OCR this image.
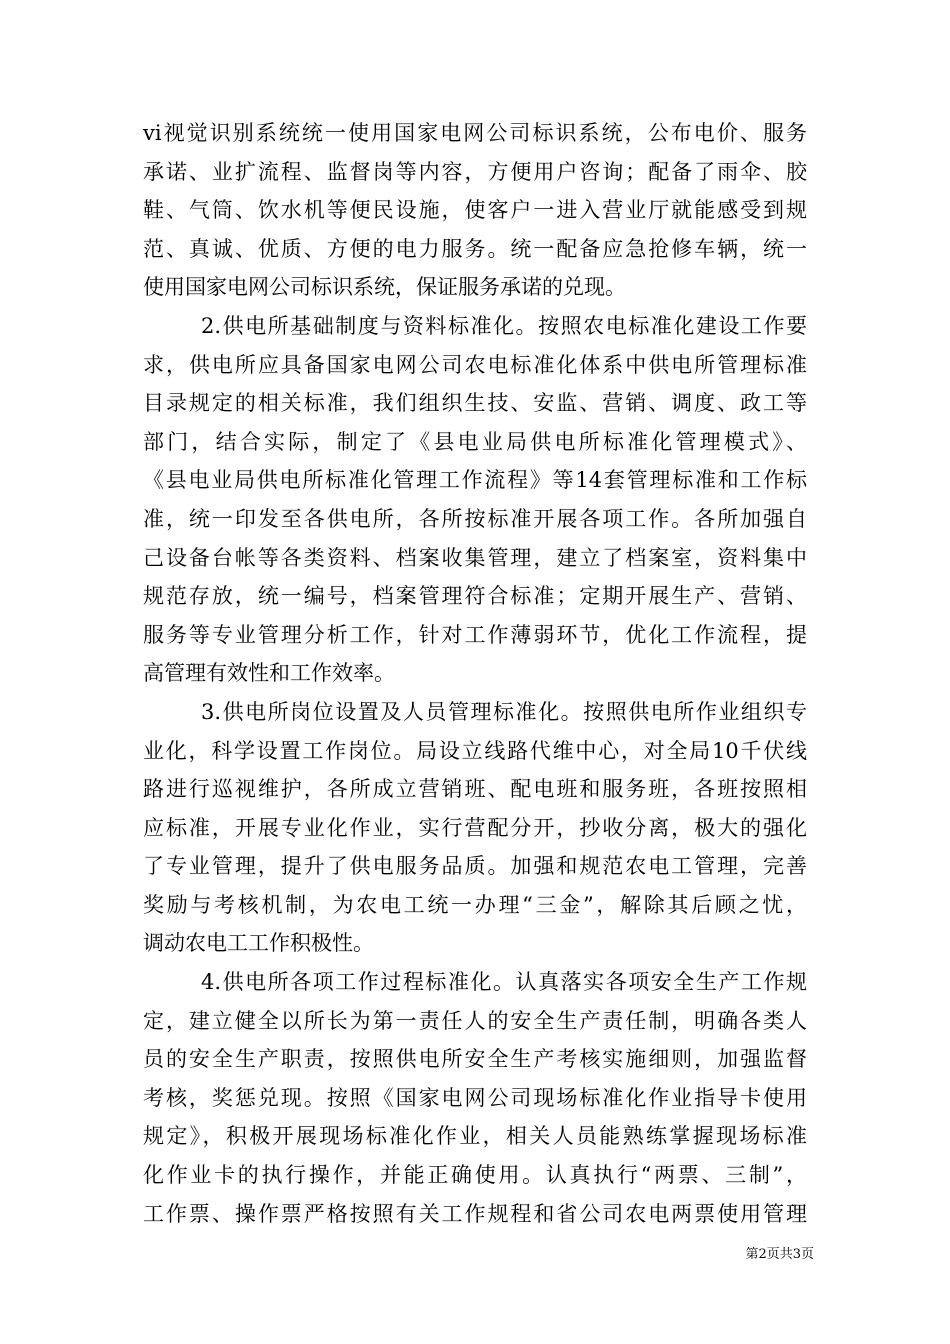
vi视觉识别系统统一使用国家电网公司标识系统，公布电价、服务
承诺、业扩流程、监督岗等内容，方便用户咨询；配备了雨伞、胶
鞋、气筒、饮水机等便民设施，使客户一进入营业厅就能感受到规
范、真诚、优质、方便的电力服务。统一配备应急抢修车辆，统一
使用国家电网公司标识系统，保证服务承诺的兑现。
2.供电所基础制度与资料标准化。按照农电标准化建设工作要
求，供电所应具备国家电网公司农电标准化体系中供电所管理标准
目录规定的相关标准，我们组织生技、安监、营销、调度、政工等
部门，结合实际，制定了《县电业局供电所标准化管理模式》、
《县电业局供电所标准化管理工作流程》等14套管理标准和工作标
准，统一印发至各供电所，各所按标准开展各项工作。各所加强自
己设备台帐等各类资料、档案收集管理，建立了档案室，资料集中
规范存放，统一编号，档案管理符合标准；定期开展生产、营销、
服务等专业管理分析工作，针对工作薄弱环节，优化工作流程，提
高管理有效性和工作效率。
3.供电所岗位设置及人员管理标准化。按照供电所作业组织专
业化，科学设置工作岗位。局设立线路代维中心，对全局10千伏线
路进行巡视维护，各所成立营销班、配电班和服务班，各班按照相
应标准，开展专业化作业，实行营配分开，抄收分离，极大的强化
了专业管理，提升了供电服务品质。加强和规范农电工管理，完善
奖励与考核机制，为农电工统一办理“三金”，解除其后顾之忧，
调动农电工工作积极性。
4.供电所各项工作过程标准化。认真落实各项安全生产工作规
定，建立健全以所长为第一责任人的安全生产责任制，明确各类人
员的安全生产职责，按照供电所安全生产考核实施细则，加强监督
考核，奖惩兑现。按照《国家电网公司现场标准化作业指导卡使用
规定》，积极开展现场标准化作业，相关人员能熟练掌握现场标准
化作业卡的执行操作，并能正确使用。认真执行“两票、三制”，
工作票、操作票严格按照有关工作规程和省公司农电两票使用管理
第2页共3页
